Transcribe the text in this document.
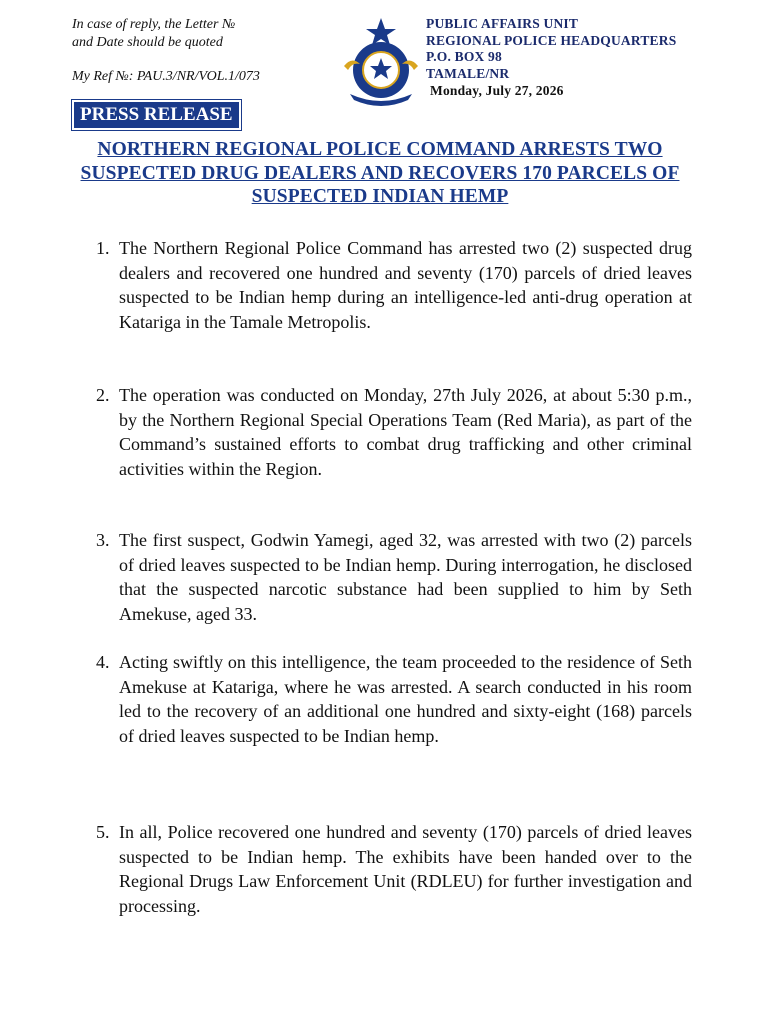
In case of reply, the Letter №
and Date should be quoted
My Ref №: PAU.3/NR/VOL.1/073
PUBLIC AFFAIRS UNIT
REGIONAL POLICE HEADQUARTERS
P.O. BOX 98
TAMALE/NR
Monday, July 27, 2026
PRESS RELEASE
NORTHERN REGIONAL POLICE COMMAND ARRESTS TWO SUSPECTED DRUG DEALERS AND RECOVERS 170 PARCELS OF SUSPECTED INDIAN HEMP
1. The Northern Regional Police Command has arrested two (2) suspected drug dealers and recovered one hundred and seventy (170) parcels of dried leaves suspected to be Indian hemp during an intelligence-led anti-drug operation at Katariga in the Tamale Metropolis.
2. The operation was conducted on Monday, 27th July 2026, at about 5:30 p.m., by the Northern Regional Special Operations Team (Red Maria), as part of the Command’s sustained efforts to combat drug trafficking and other criminal activities within the Region.
3. The first suspect, Godwin Yamegi, aged 32, was arrested with two (2) parcels of dried leaves suspected to be Indian hemp. During interrogation, he disclosed that the suspected narcotic substance had been supplied to him by Seth Amekuse, aged 33.
4. Acting swiftly on this intelligence, the team proceeded to the residence of Seth Amekuse at Katariga, where he was arrested. A search conducted in his room led to the recovery of an additional one hundred and sixty-eight (168) parcels of dried leaves suspected to be Indian hemp.
5. In all, Police recovered one hundred and seventy (170) parcels of dried leaves suspected to be Indian hemp. The exhibits have been handed over to the Regional Drugs Law Enforcement Unit (RDLEU) for further investigation and processing.
